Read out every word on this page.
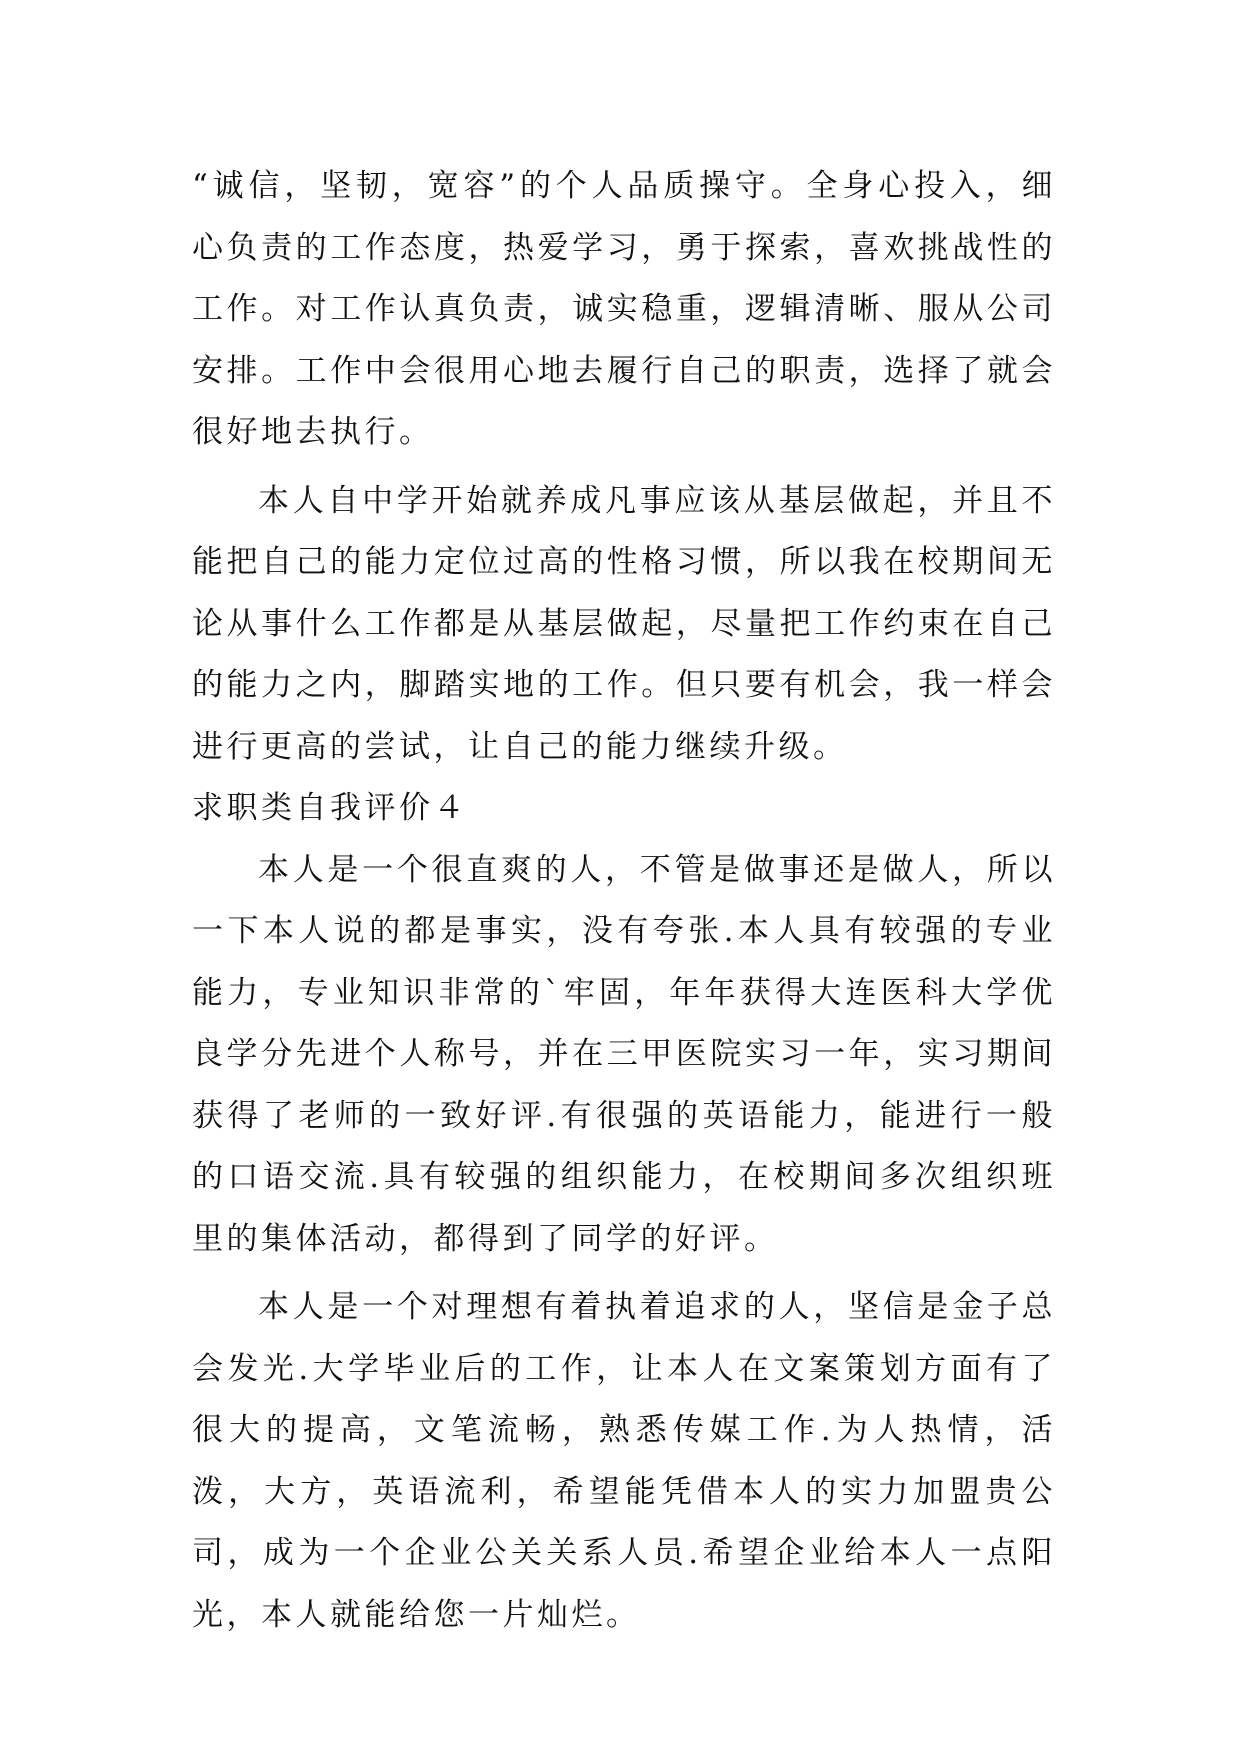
“诚信，坚韧，宽容”的个人品质操守。全身心投入，细心负责的工作态度，热爱学习，勇于探索，喜欢挑战性的工作。对工作认真负责，诚实稳重，逻辑清晰、服从公司安排。工作中会很用心地去履行自己的职责，选择了就会很好地去执行。

本人自中学开始就养成凡事应该从基层做起，并且不能把自己的能力定位过高的性格习惯，所以我在校期间无论从事什么工作都是从基层做起，尽量把工作约束在自己的能力之内，脚踏实地的工作。但只要有机会，我一样会进行更高的尝试，让自己的能力继续升级。

求职类自我评价４

本人是一个很直爽的人，不管是做事还是做人，所以一下本人说的都是事实，没有夸张.本人具有较强的专业能力，专业知识非常的`牢固，年年获得大连医科大学优良学分先进个人称号，并在三甲医院实习一年，实习期间获得了老师的一致好评.有很强的英语能力，能进行一般的口语交流.具有较强的组织能力，在校期间多次组织班里的集体活动，都得到了同学的好评。

本人是一个对理想有着执着追求的人，坚信是金子总会发光.大学毕业后的工作，让本人在文案策划方面有了很大的提高，文笔流畅，熟悉传媒工作.为人热情，活泼，大方，英语流利，希望能凭借本人的实力加盟贵公司，成为一个企业公关关系人员.希望企业给本人一点阳光，本人就能给您一片灿烂。
